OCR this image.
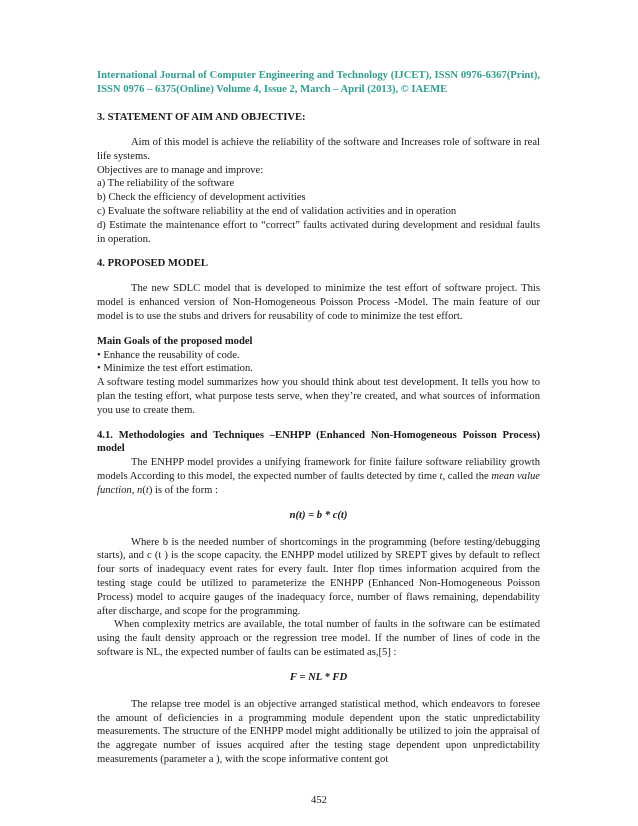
International Journal of Computer Engineering and Technology (IJCET), ISSN 0976-6367(Print), ISSN 0976 – 6375(Online) Volume 4, Issue 2, March – April (2013), © IAEME
3. STATEMENT OF AIM AND OBJECTIVE:

Aim of this model is achieve the reliability of the software and Increases role of software in real life systems.

Objectives are to manage and improve:
a) The reliability of the software
b) Check the efficiency of development activities
c) Evaluate the software reliability at the end of validation activities and in operation

d) Estimate the maintenance effort to “correct” faults activated during development and residual faults in operation.

4. PROPOSED MODEL

The new SDLC model that is developed to minimize the test effort of software project. This model is enhanced version of Non-Homogeneous Poisson Process -Model. The main feature of our model is to use the stubs and drivers for reusability of code to minimize the test effort.

Main Goals of the proposed model
• Enhance the reusability of code.
• Minimize the test effort estimation.

A software testing model summarizes how you should think about test development. It tells you how to plan the testing effort, what purpose tests serve, when they’re created, and what sources of information you use to create them.

4.1. Methodologies and Techniques –ENHPP (Enhanced Non-Homogeneous Poisson Process) model

The ENHPP model provides a unifying framework for finite failure software reliability growth models According to this model, the expected number of faults detected by time t, called the mean value function, n(t) is of the form :

n(t) = b * c(t)

Where b is the needed number of shortcomings in the programming (before testing/debugging starts), and c (t ) is the scope capacity. the ENHPP model utilized by SREPT gives by default to reflect four sorts of inadequacy event rates for every fault. Inter flop times information acquired from the testing stage could be utilized to parameterize the ENHPP (Enhanced Non-Homogeneous Poisson Process) model to acquire gauges of the inadequacy force, number of flaws remaining, dependability after discharge, and scope for the programming.

When complexity metrics are available, the total number of faults in the software can be estimated using the fault density approach or the regression tree model. If the number of lines of code in the software is NL, the expected number of faults can be estimated as,[5] :

F = NL * FD

The relapse tree model is an objective arranged statistical method, which endeavors to foresee the amount of deficiencies in a programming module dependent upon the static unpredictability measurements. The structure of the ENHPP model might additionally be utilized to join the appraisal of the aggregate number of issues acquired after the testing stage dependent upon unpredictability measurements (parameter a ), with the scope informative content got

452
